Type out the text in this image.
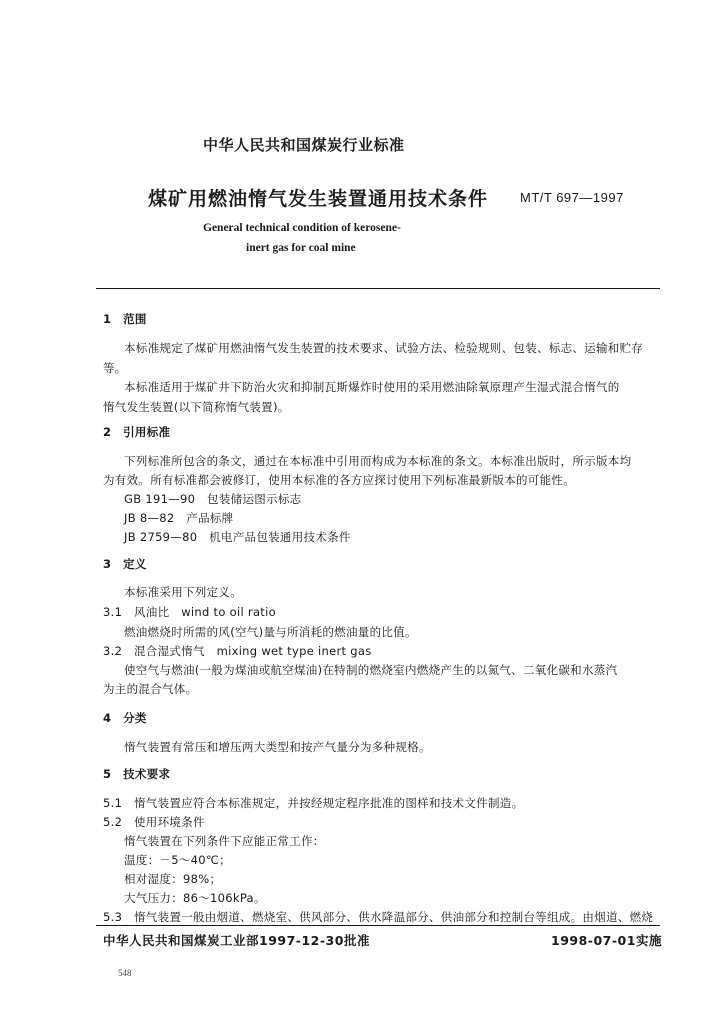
中华人民共和国煤炭行业标准
煤矿用燃油惰气发生装置通用技术条件 MT/T 697—1997
General technical condition of kerosene-
inert gas for coal mine
1　范围
本标准规定了煤矿用燃油惰气发生装置的技术要求、试验方法、检验规则、包装、标志、运输和贮存
等。
本标准适用于煤矿井下防治火灾和抑制瓦斯爆炸时使用的采用燃油除氧原理产生湿式混合惰气的
惰气发生装置(以下简称惰气装置)。
2　引用标准
下列标准所包含的条文，通过在本标准中引用而构成为本标准的条文。本标准出版时，所示版本均
为有效。所有标准都会被修订，使用本标准的各方应探讨使用下列标准最新版本的可能性。
GB 191—90　包装储运图示标志
JB 8—82　产品标牌
JB 2759—80　机电产品包装通用技术条件
3　定义
本标准采用下列定义。
3.1　风油比　wind to oil ratio
燃油燃烧时所需的风(空气)量与所消耗的燃油量的比值。
3.2　混合湿式惰气　mixing wet type inert gas
使空气与燃油(一般为煤油或航空煤油)在特制的燃烧室内燃烧产生的以氮气、二氧化碳和水蒸汽
为主的混合气体。
4　分类
惰气装置有常压和增压两大类型和按产气量分为多种规格。
5　技术要求
5.1　惰气装置应符合本标准规定，并按经规定程序批准的图样和技术文件制造。
5.2　使用环境条件
惰气装置在下列条件下应能正常工作：
温度：－5～40℃；
相对湿度：98%；
大气压力：86～106kPa。
5.3　惰气装置一般由烟道、燃烧室、供风部分、供水降温部分、供油部分和控制台等组成。由烟道、燃烧
中华人民共和国煤炭工业部1997-12-30批准	1998-07-01实施
548
